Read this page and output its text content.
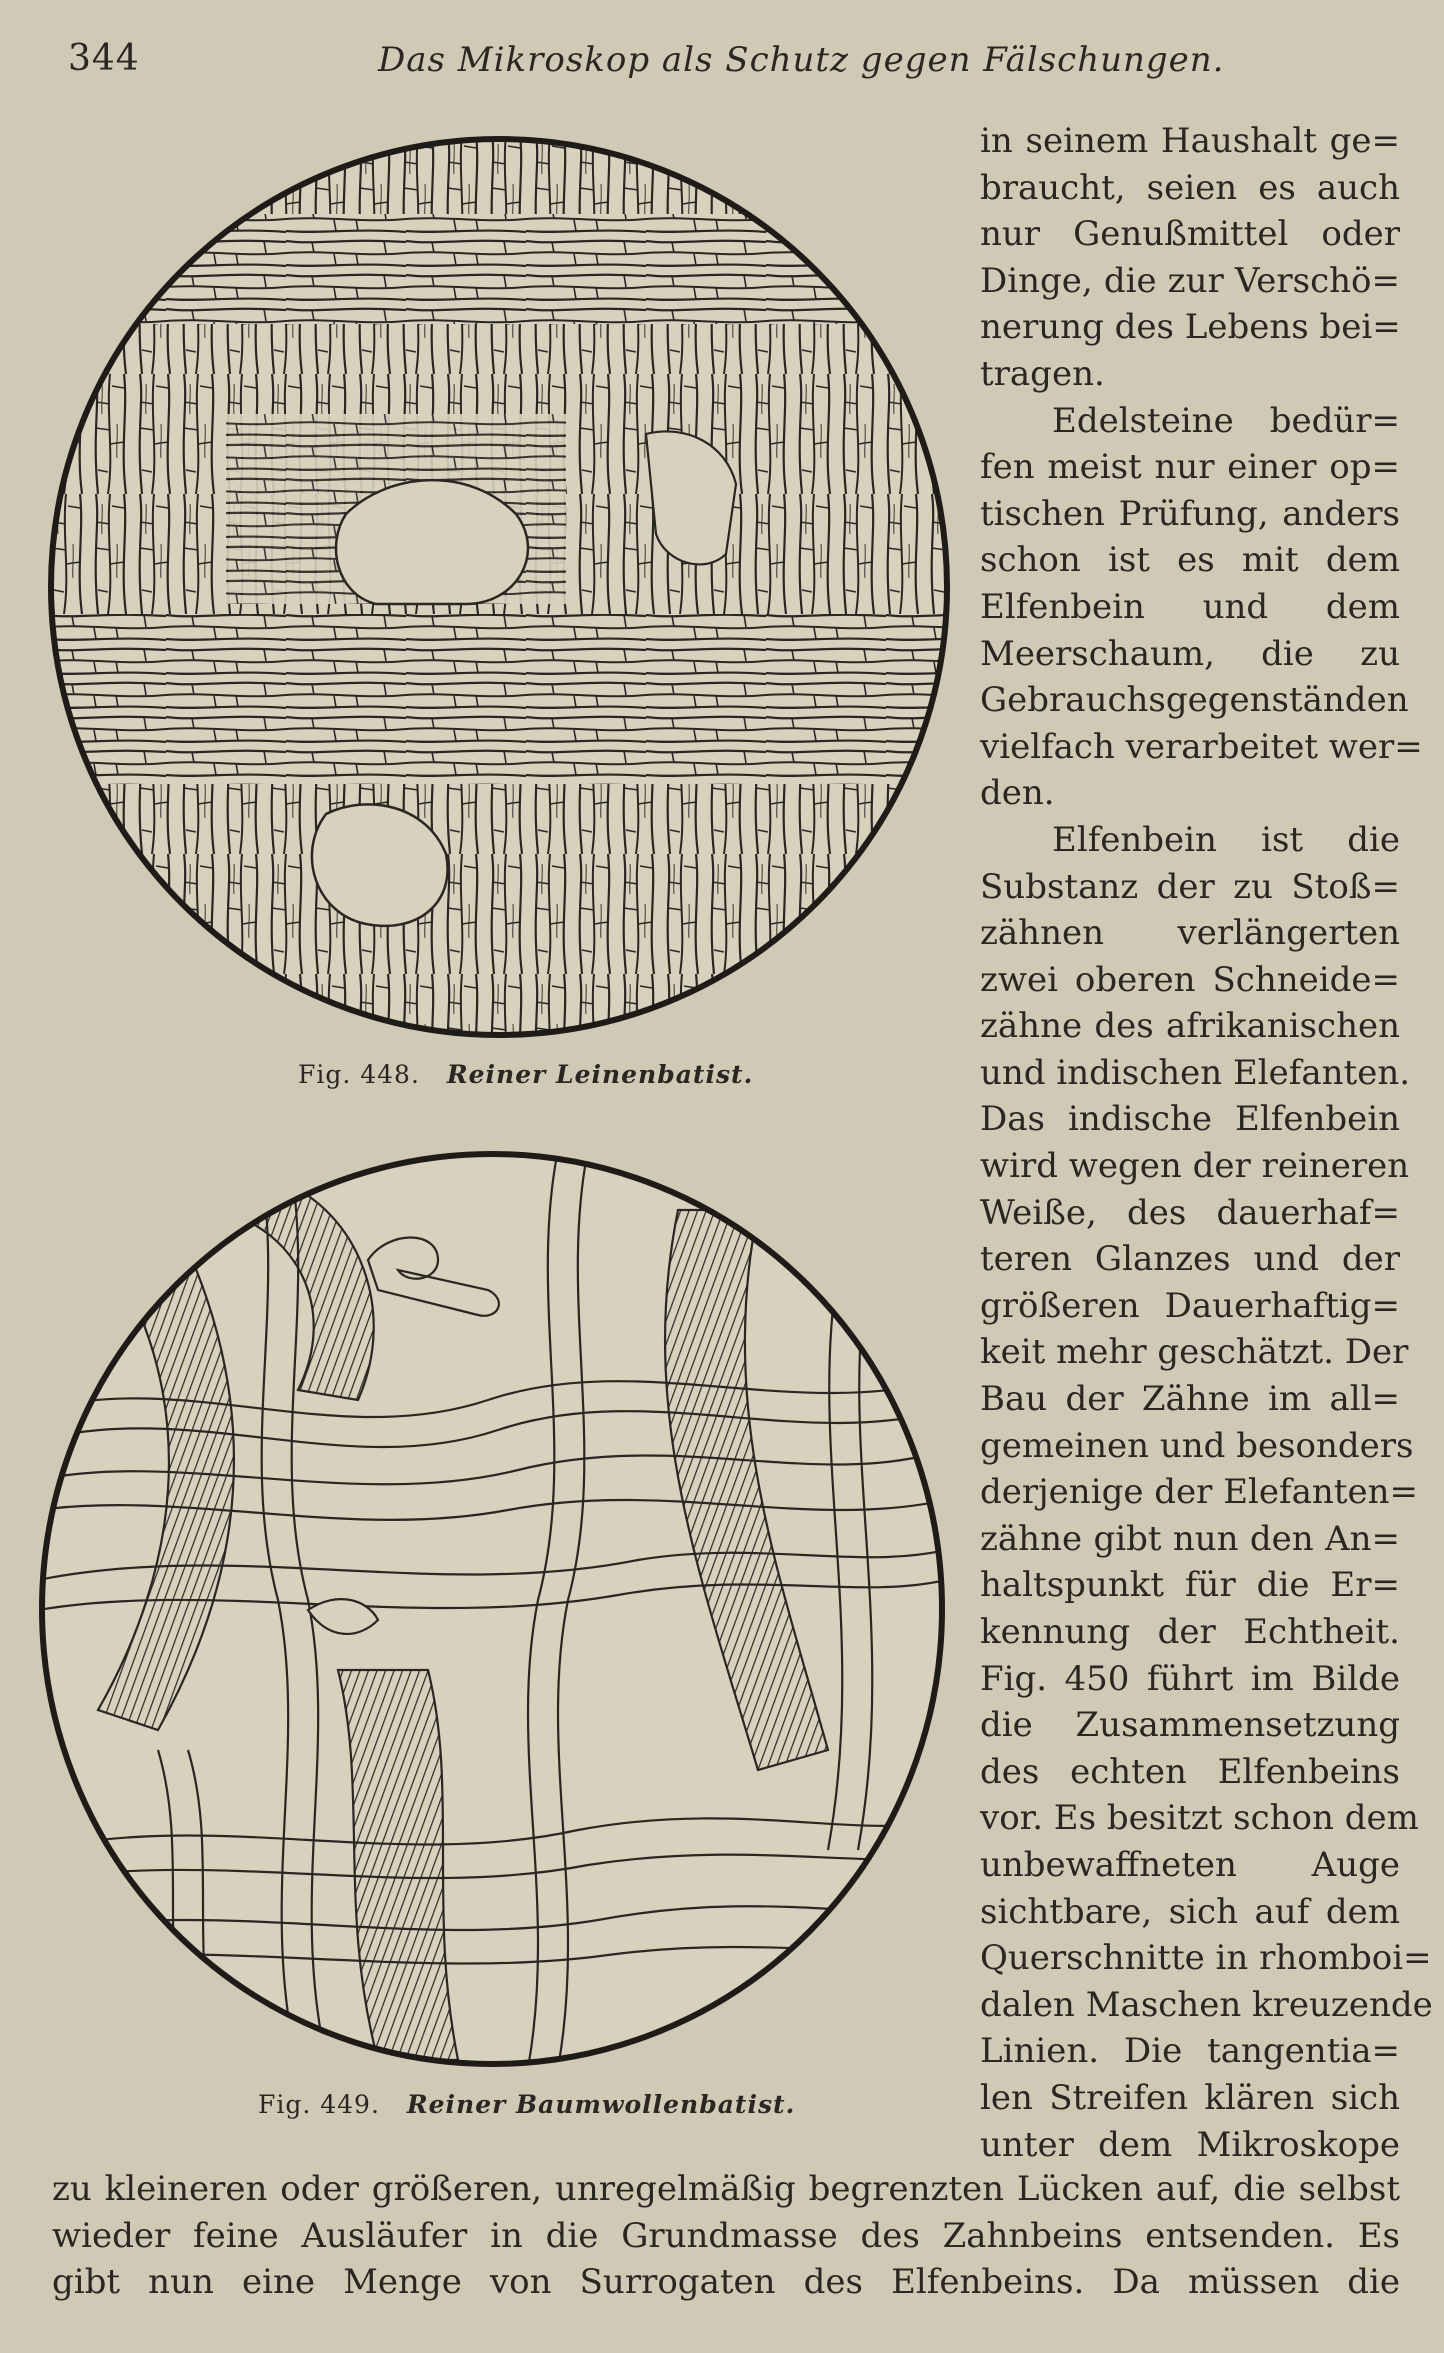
344	Das Mikroskop als Schutz gegen Fälschungen.
Fig. 448. Reiner Leinenbatist.
Fig. 449. Reiner Baumwollenbatist.
in seinem Haushalt ge=
braucht, seien es auch
nur Genußmittel oder
Dinge, die zur Verschö=
nerung des Lebens bei=
tragen.
Edelsteine bedür=
fen meist nur einer op=
tischen Prüfung, anders
schon ist es mit dem
Elfenbein und dem
Meerschaum, die zu
Gebrauchsgegenständen
vielfach verarbeitet wer=
den.
Elfenbein ist die
Substanz der zu Stoß=
zähnen verlängerten
zwei oberen Schneide=
zähne des afrikanischen
und indischen Elefanten.
Das indische Elfenbein
wird wegen der reineren
Weiße, des dauerhaf=
teren Glanzes und der
größeren Dauerhaftig=
keit mehr geschätzt. Der
Bau der Zähne im all=
gemeinen und besonders
derjenige der Elefanten=
zähne gibt nun den An=
haltspunkt für die Er=
kennung der Echtheit.
Fig. 450 führt im Bilde
die Zusammensetzung
des echten Elfenbeins
vor. Es besitzt schon dem
unbewaffneten Auge
sichtbare, sich auf dem
Querschnitte in rhomboi=
dalen Maschen kreuzende
Linien. Die tangentia=
len Streifen klären sich
unter dem Mikroskope
zu kleineren oder größeren, unregelmäßig begrenzten Lücken auf, die selbst
wieder feine Ausläufer in die Grundmasse des Zahnbeins entsenden. Es
gibt nun eine Menge von Surrogaten des Elfenbeins. Da müssen die
